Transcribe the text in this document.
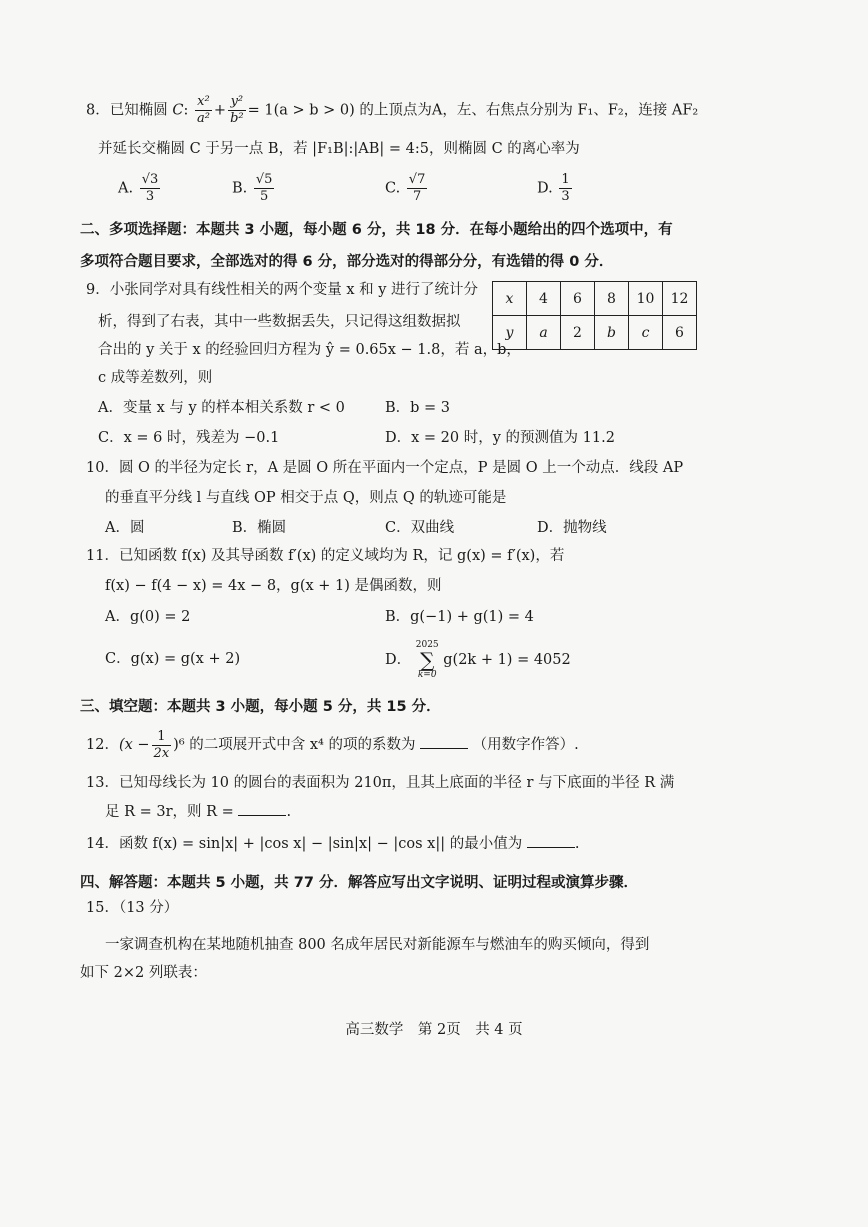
8．已知椭圆 C: $\frac{\text{x²}}{\text{a²}} + \frac{\text{y²}}{\text{b²}} = 1(a > b > 0)$ 的上顶点为A，左、右焦点分别为 F₁、F₂，连接 AF₂
并延长交椭圆 C 于另一点 B，若 |F₁B|:|AB| = 4:5，则椭圆 C 的离心率为
A. $\frac{√3}{3}$	B. $\frac{√5}{5}$	C. $\frac{√7}{7}$	D. $\frac{1}{3}$
二、多项选择题：本题共 3 小题，每小题 6 分，共 18 分．在每小题给出的四个选项中，有
多项符合题目要求，全部选对的得 6 分，部分选对的得部分分，有选错的得 0 分．
9．小张同学对具有线性相关的两个变量 x 和 y 进行了统计分
析，得到了右表，其中一些数据丢失，只记得这组数据拟
合出的 y 关于 x 的经验回归方程为 ŷ = 0.65x − 1.8，若 a，b，
c 成等差数列，则
x	4	6	8	10	12
y	a	2	b	c	6
A．变量 x 与 y 的样本相关系数 r < 0	B．b = 3
C．x = 6 时，残差为 −0.1	D．x = 20 时，y 的预测值为 11.2
10．圆 O 的半径为定长 r，A 是圆 O 所在平面内一个定点，P 是圆 O 上一个动点．线段 AP
的垂直平分线 l 与直线 OP 相交于点 Q，则点 Q 的轨迹可能是
A．圆	B．椭圆	C．双曲线	D．抛物线
11．已知函数 f(x) 及其导函数 f′(x) 的定义域均为 R，记 g(x) = f′(x)，若
f(x) − f(4 − x) = 4x − 8，g(x + 1) 是偶函数，则
A．g(0) = 2	B．g(−1) + g(1) = 4
C．g(x) = g(x + 2)	D．
2025
∑
k=0
g(2k + 1) = 4052
三、填空题：本题共 3 小题，每小题 5 分，共 15 分．
12．$(x - \frac{1}{2x} )^6$ 的二项展开式中含 x⁴ 的项的系数为	（用数字作答）.
13．已知母线长为 10 的圆台的表面积为 210π，且其上底面的半径 r 与下底面的半径 R 满
足 R = 3r，则 R =	.
14．函数 f(x) = sin|x| + |cos x| − |sin|x| − |cos x|| 的最小值为	.
四、解答题：本题共 5 小题，共 77 分．解答应写出文字说明、证明过程或演算步骤．
15．（13 分）
一家调查机构在某地随机抽查 800 名成年居民对新能源车与燃油车的购买倾向，得到
如下 2×2 列联表：
高三数学　第 2页　共 4 页
